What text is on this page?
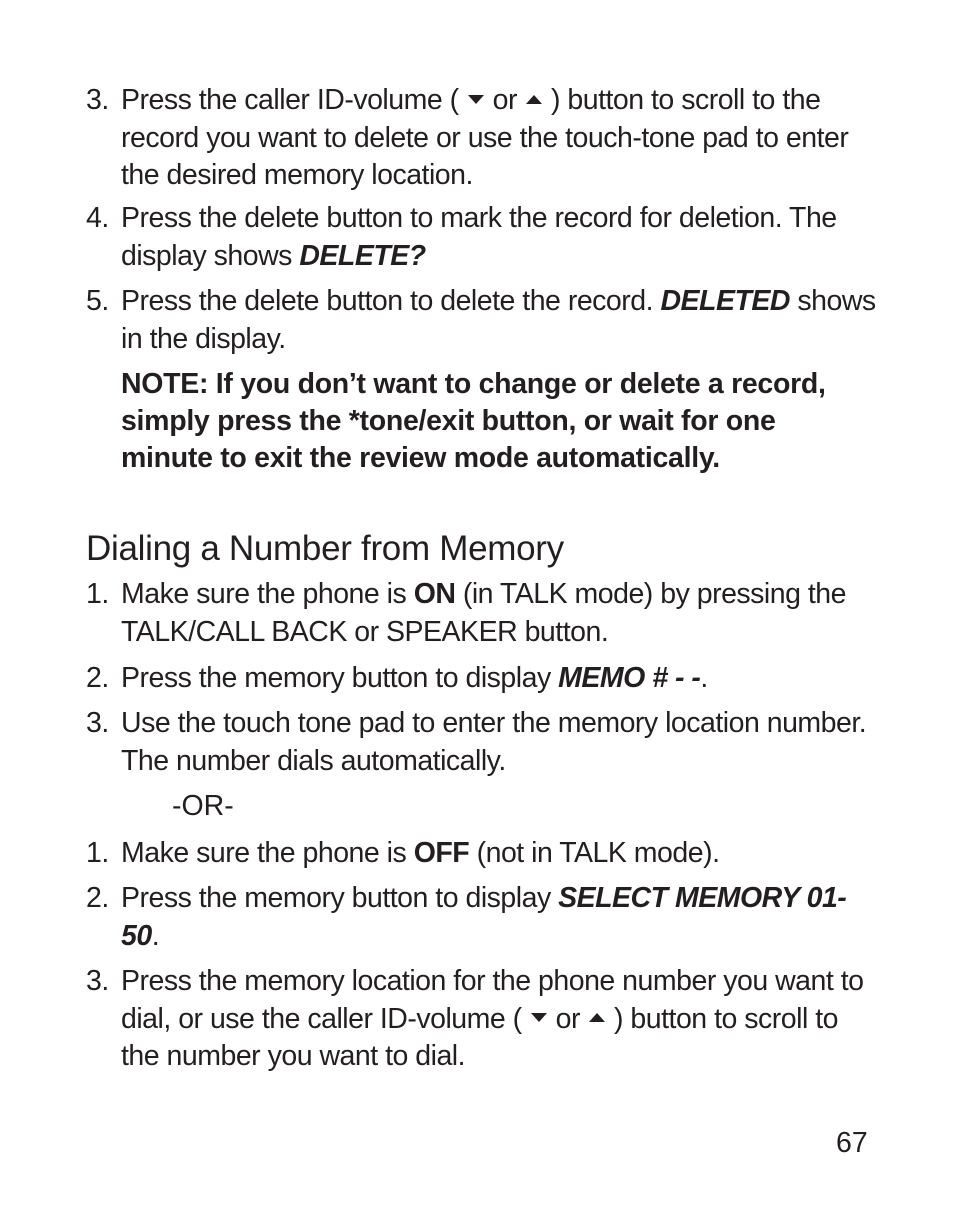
3. Press the caller ID-volume ( or ) button to scroll to the record you want to delete or use the touch-tone pad to enter the desired memory location.
4. Press the delete button to mark the record for deletion. The display shows DELETE?
5. Press the delete button to delete the record. DELETED shows in the display.
NOTE: If you don’t want to change or delete a record, simply press the *tone/exit button, or wait for one minute to exit the review mode automatically.
Dialing a Number from Memory
1. Make sure the phone is ON (in TALK mode) by pressing the TALK/CALL BACK or SPEAKER button.
2. Press the memory button to display MEMO # - -.
3. Use the touch tone pad to enter the memory location number. The number dials automatically.
-OR-
1. Make sure the phone is OFF (not in TALK mode).
2. Press the memory button to display SELECT MEMORY 01-50.
3. Press the memory location for the phone number you want to dial, or use the caller ID-volume ( or ) button to scroll to the number you want to dial.
67
